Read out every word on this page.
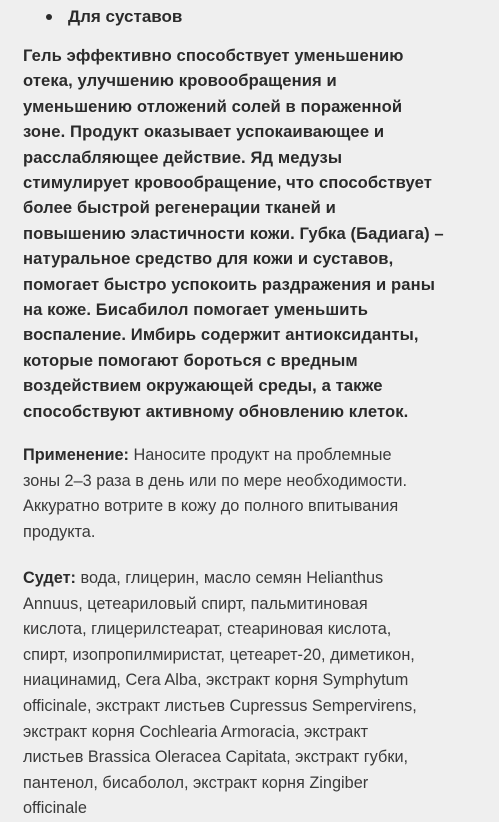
Для суставов

Гель эффективно способствует уменьшению
отека, улучшению кровообращения и
уменьшению отложений солей в пораженной
зоне. Продукт оказывает успокаивающее и
расслабляющее действие. Яд медузы
стимулирует кровообращение, что способствует
более быстрой регенерации тканей и
повышению эластичности кожи. Губка (Бадиага) –
натуральное средство для кожи и суставов,
помогает быстро успокоить раздражения и раны
на коже. Бисабилол помогает уменьшить
воспаление. Имбирь содержит антиоксиданты,
которые помогают бороться с вредным
воздействием окружающей среды, а также
способствуют активному обновлению клеток.

Применение: Наносите продукт на проблемные
зоны 2–3 раза в день или по мере необходимости.
Аккуратно вотрите в кожу до полного впитывания
продукта.

Судет: вода, глицерин, масло семян Helianthus
Annuus, цетеариловый спирт, пальмитиновая
кислота, глицерилстеарат, стеариновая кислота,
спирт, изопропилмиристат, цетеарет-20, диметикон,
ниацинамид, Cera Alba, экстракт корня Symphytum
officinale, экстракт листьев Cupressus Sempervirens,
экстракт корня Cochlearia Armoracia, экстракт
листьев Brassica Oleracea Capitata, экстракт губки,
пантенол, бисаболол, экстракт корня Zingiber
officinale
